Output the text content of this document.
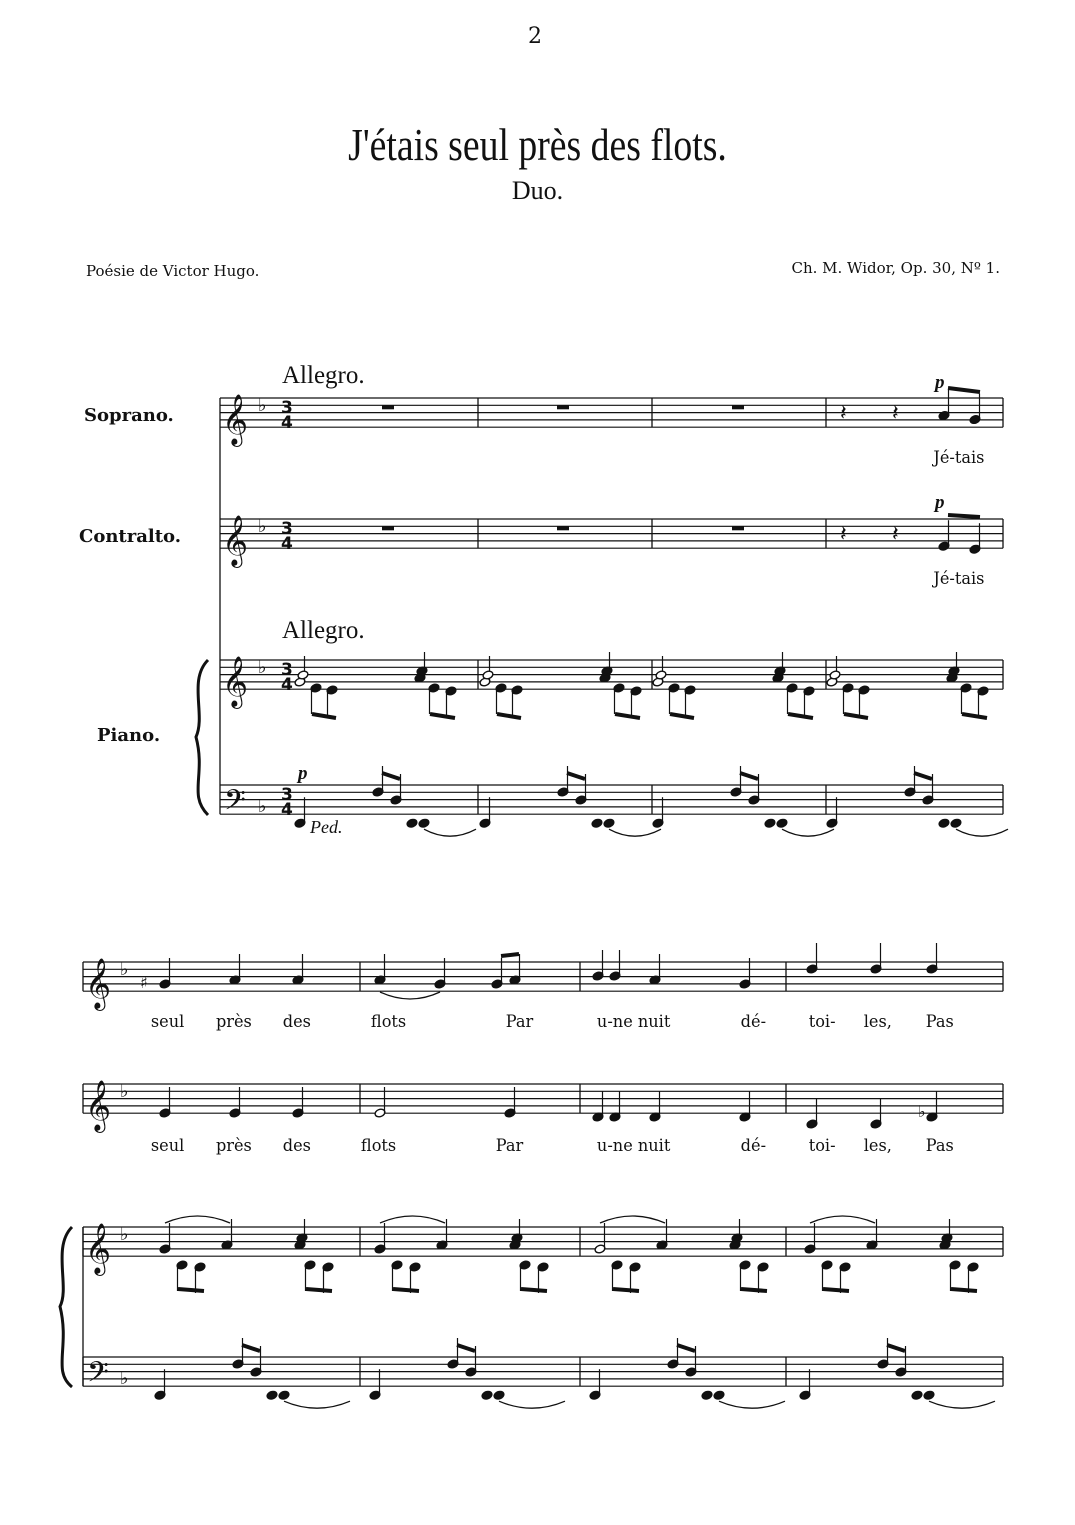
2
J'étais seul près des flots.
Duo.
Poésie de Victor Hugo.	Ch. M. Widor, Op. 30, Nº 1.
Allegro.
Soprano.
Contralto.
Allegro.
Piano.
p
p
p
Ped.
Jé-tais
Jé-tais
seul près des	flots	Par	u-ne nuit	dé-	toi- les, Pas
seul près des	flots	Par	u-ne nuit	dé-	toi- les, Pas
𝄞 ♭ 3
4	𝄽 𝄽
𝄞 ♭ 3
4	𝄽 𝄽
𝄞 ♭ 3
4
𝄢 ♭
3
4
𝄞 ♭
𝄞 ♭
♯
♭
𝄞 ♭
𝄢 ♭
